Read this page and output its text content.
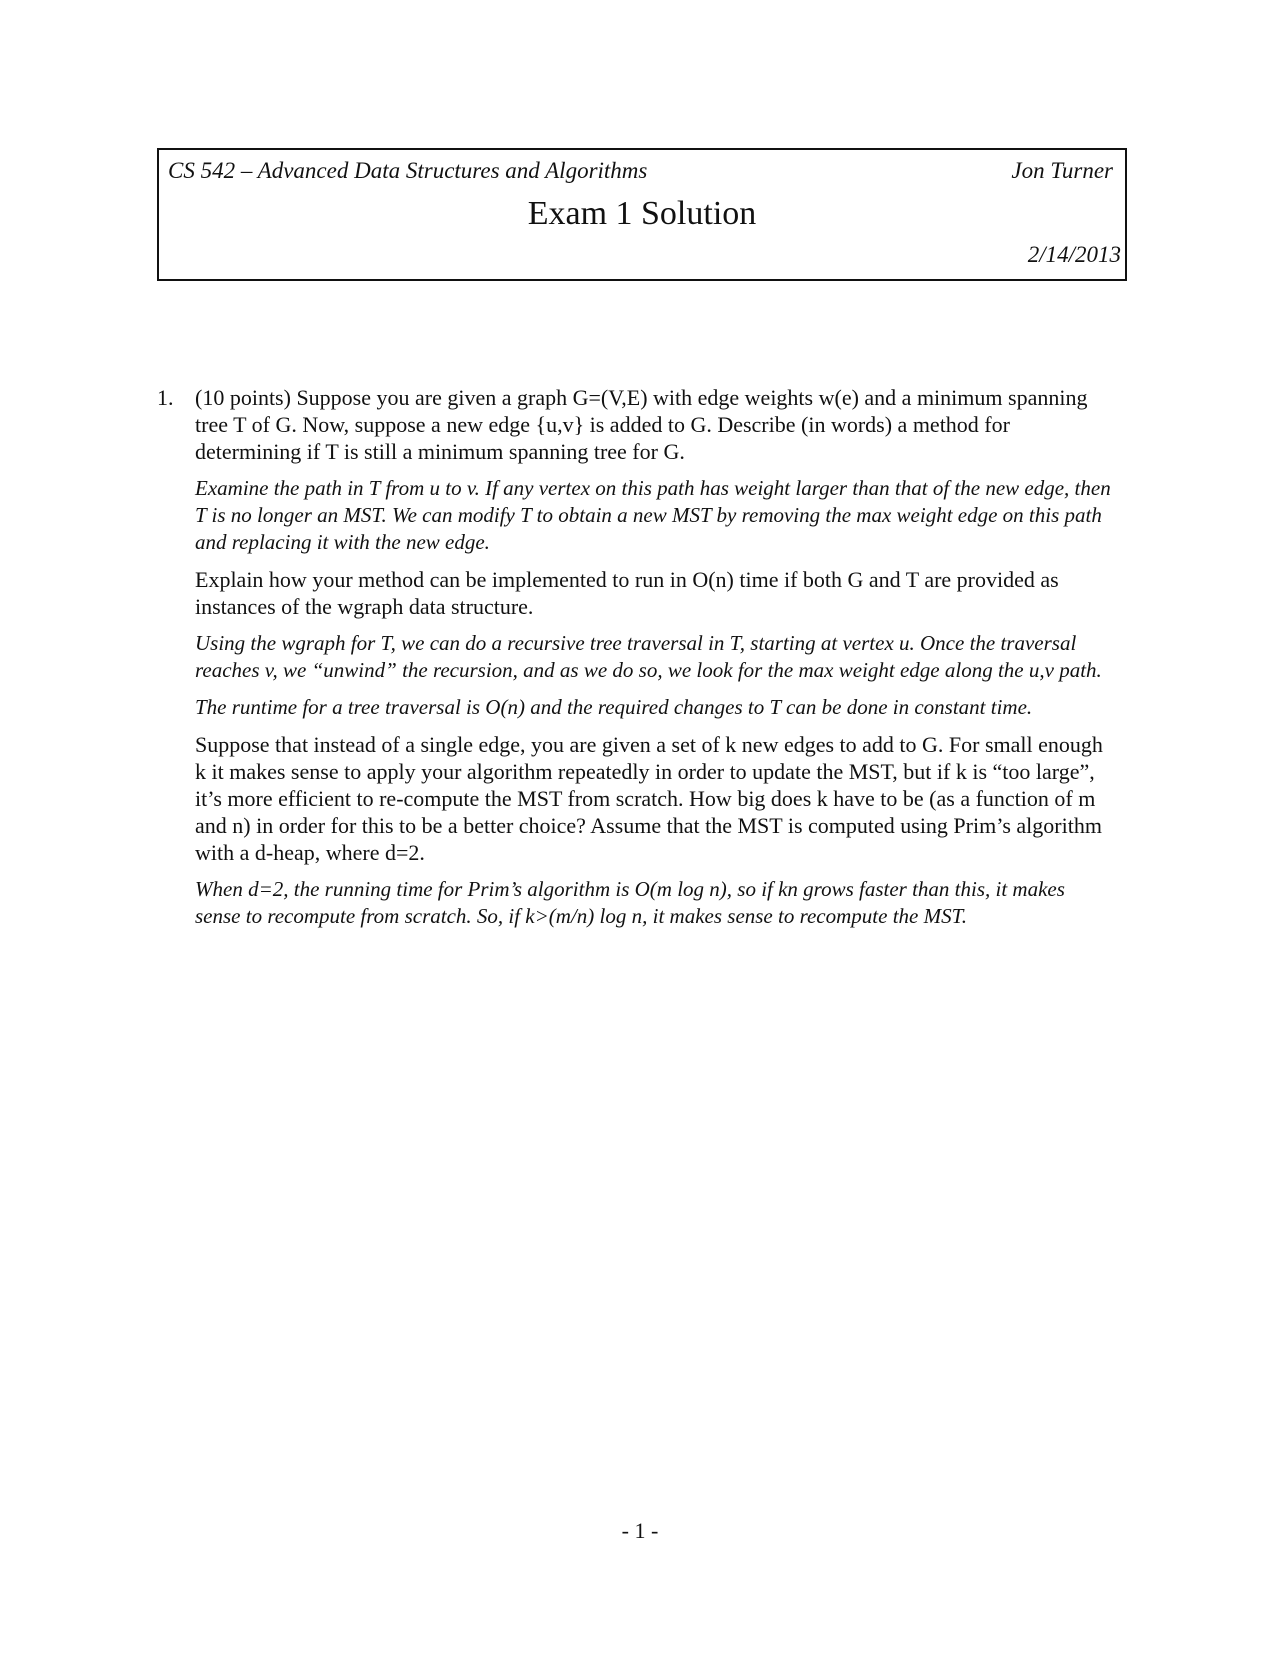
CS 542 – Advanced Data Structures and Algorithms	Jon Turner
Exam 1 Solution
2/14/2013
1. (10 points) Suppose you are given a graph G=(V,E) with edge weights w(e) and a minimum spanning tree T of G. Now, suppose a new edge {u,v} is added to G. Describe (in words) a method for determining if T is still a minimum spanning tree for G.

Examine the path in T from u to v. If any vertex on this path has weight larger than that of the new edge, then T is no longer an MST. We can modify T to obtain a new MST by removing the max weight edge on this path and replacing it with the new edge.

Explain how your method can be implemented to run in O(n) time if both G and T are provided as instances of the wgraph data structure.

Using the wgraph for T, we can do a recursive tree traversal in T, starting at vertex u. Once the traversal reaches v, we “unwind” the recursion, and as we do so, we look for the max weight edge along the u,v path.

The runtime for a tree traversal is O(n) and the required changes to T can be done in constant time.

Suppose that instead of a single edge, you are given a set of k new edges to add to G. For small enough k it makes sense to apply your algorithm repeatedly in order to update the MST, but if k is “too large”, it’s more efficient to re-compute the MST from scratch. How big does k have to be (as a function of m and n) in order for this to be a better choice? Assume that the MST is computed using Prim’s algorithm with a d-heap, where d=2.

When d=2, the running time for Prim’s algorithm is O(m log n), so if kn grows faster than this, it makes sense to recompute from scratch. So, if k>(m/n) log n, it makes sense to recompute the MST.

- 1 -
